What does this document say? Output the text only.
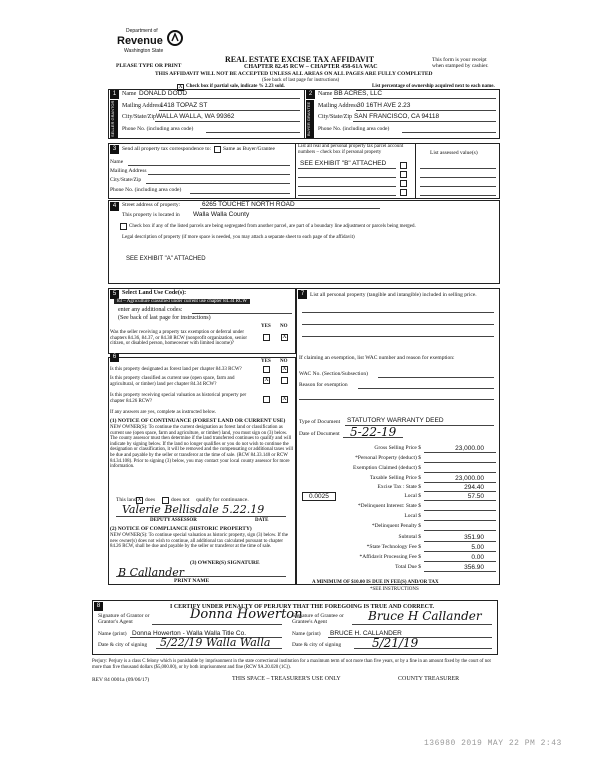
Department of
Revenue
Washington State
REAL ESTATE EXCISE TAX AFFIDAVIT
CHAPTER 82.45 RCW – CHAPTER 458-61A WAC
THIS AFFIDAVIT WILL NOT BE ACCEPTED UNLESS ALL AREAS ON ALL PAGES ARE FULLY COMPLETED
(See back of last page for instructions)
PLEASE TYPE OR PRINT
This form is your receipt when stamped by cashier.
X Check box if partial sale, indicate % 2.23 sold.	List percentage of ownership acquired next to each name.
1
SELLER GRANTOR
Name DONALD DODD
Mailing Address
1418 TOPAZ ST
City/State/Zip WALLA WALLA, WA 99362
Phone No. (including area code)
2
BUYER GRANTEE
Name BB ACRES, LLC
Mailing Address 30 16TH AVE 2.23
City/State/Zip SAN FRANCISCO, CA 94118
Phone No. (including area code)
3	Send all property tax correspondence to: Same as Buyer/Grantee
Name
Mailing Address
City/State/Zip
Phone No. (including area code)
List all real and personal property tax parcel account numbers – check box if personal property
SEE EXHIBIT "B" ATTACHED
List assessed value(s)
4	Street address of property:	6265 TOUCHET NORTH ROAD
This property is located in Walla Walla County
Check box if any of the listed parcels are being segregated from another parcel, are part of a boundary line adjustment or parcels being merged.
Legal description of property (if more space is needed, you may attach a separate sheet to each page of the affidavit)
SEE EXHIBIT "A" ATTACHED
5 Select Land Use Code(s):
83 – Agriculture classified under current use chapter 84.34 RCW
enter any additional codes:
(See back of last page for instructions)
YES NO
Was the seller receiving a property tax exemption or deferral under chapters 84.36, 84.37, or 84.38 RCW (nonprofit organization, senior citizen, or disabled person, homeowner with limited income)?
X
6
YES NO
Is this property designated as forest land per chapter 84.33 RCW?	X
Is this property classified as current use (open space, farm and agricultural, or timber) land per chapter 84.34 RCW?
X
Is this property receiving special valuation as historical property per chapter 84.26 RCW?	X
If any answers are yes, complete as instructed below.
(1) NOTICE OF CONTINUANCE (FOREST LAND OR CURRENT USE)
NEW OWNER(S): To continue the current designation as forest land or classification as current use (open space, farm and agriculture, or timber) land, you must sign on (3) below. The county assessor must then determine if the land transferred continues to qualify and will indicate by signing below. If the land no longer qualifies or you do not wish to continue the designation or classification, it will be removed and the compensating or additional taxes will be due and payable by the seller or transferor at the time of sale. (RCW 84.33.140 or RCW 84.34.108). Prior to signing (3) below, you may contact your local county assessor for more information.
This land X does	does not qualify for continuance.
Valerie Bellisdale 5.22.19
DEPUTY ASSESSOR	DATE
(2) NOTICE OF COMPLIANCE (HISTORIC PROPERTY)
NEW OWNER(S): To continue special valuation as historic property, sign (3) below. If the new owner(s) does not wish to continue, all additional tax calculated pursuant to chapter 84.26 RCW, shall be due and payable by the seller or transferor at the time of sale.
(3) OWNER(S) SIGNATURE
B Callander
PRINT NAME
7	List all personal property (tangible and intangible) included in selling price.
If claiming an exemption, list WAC number and reason for exemption:
WAC No. (Section/Subsection)
Reason for exemption
Type of Document STATUTORY WARRANTY DEED
Date of Document 5-22-19
Gross Selling Price $	23,000.00
*Personal Property (deduct) $
Exemption Claimed (deduct) $
Taxable Selling Price $	23,000.00
Excise Tax : State $	294.40
0.0025	Local $	57.50
*Delinquent Interest: State $
Local $
*Delinquent Penalty $
Subtotal $	351.90
*State Technology Fee $	5.00
*Affidavit Processing Fee $	0.00
Total Due $	356.90
A MINIMUM OF $10.00 IS DUE IN FEE(S) AND/OR TAX
*SEE INSTRUCTIONS
8	I CERTIFY UNDER PENALTY OF PERJURY THAT THE FOREGOING IS TRUE AND CORRECT.
Signature of Grantor or Grantor's Agent	Donna Howerton
Name (print) Donna Howerton - Walla Walla Title Co.
Date & city of signing 5/22/19 Walla Walla
Signature of Grantee or Grantee's Agent	Bruce H Callander
Name (print) BRUCE H. CALLANDER
Date & city of signing	5/21/19
Perjury: Perjury is a class C felony which is punishable by imprisonment in the state correctional institution for a maximum term of not more than five years, or by a fine in an amount fixed by the court of not more than five thousand dollars ($5,000.00), or by both imprisonment and fine (RCW 9A.20.020 (1C)).
REV 84 0001a (09/06/17)	THIS SPACE – TREASURER'S USE ONLY	COUNTY TREASURER
136980 2019 MAY 22 PM 2:43
